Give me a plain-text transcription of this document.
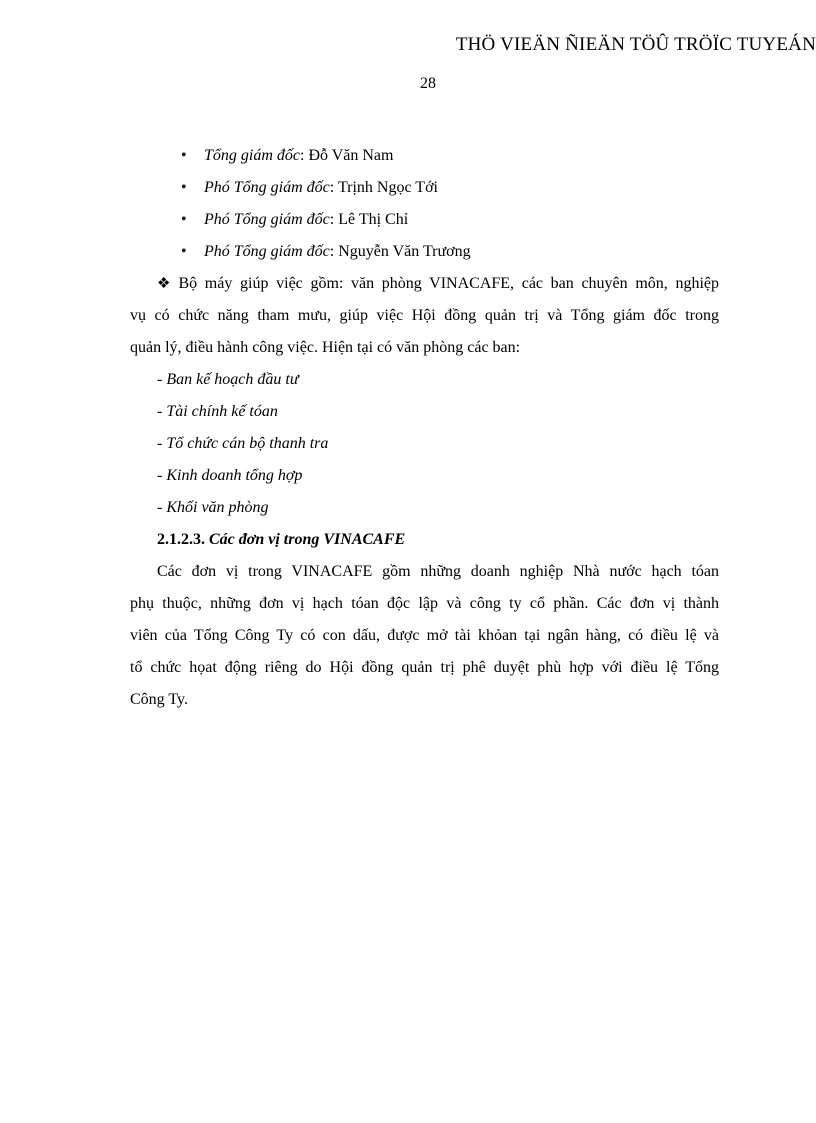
THÖ VIEÄN ÑIEÄN TÖÛ TRÖÏC TUYEÁN
28
• Tổng giám đốc: Đỗ Văn Nam
• Phó Tổng giám đốc: Trịnh Ngọc Tới
• Phó Tổng giám đốc: Lê Thị Chỉ
• Phó Tổng giám đốc: Nguyễn Văn Trương
❖ Bộ máy giúp việc gồm: văn phòng VINACAFE, các ban chuyên môn, nghiệp
vụ có chức năng tham mưu, giúp việc Hội đồng quản trị và Tổng giám đốc trong
quản lý, điều hành công việc. Hiện tại có văn phòng các ban:
- Ban kế hoạch đầu tư
- Tài chính kế tóan
- Tổ chức cán bộ thanh tra
- Kinh doanh tổng hợp
- Khối văn phòng
2.1.2.3. Các đơn vị trong VINACAFE
Các đơn vị trong VINACAFE gồm những doanh nghiệp Nhà nước hạch tóan
phụ thuộc, những đơn vị hạch tóan độc lập và công ty cổ phần. Các đơn vị thành
viên của Tổng Công Ty có con dấu, được mở tài khỏan tại ngân hàng, có điều lệ và
tổ chức họat động riêng do Hội đồng quản trị phê duyệt phù hợp với điều lệ Tổng
Công Ty.
